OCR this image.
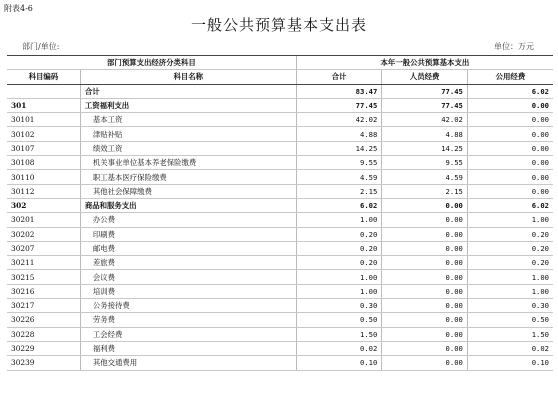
附表4-6
一般公共预算基本支出表
部门/单位:	单位：万元
部门预算支出经济分类科目		本年一般公共预算基本支出		
科目编码	科目名称	合计	人员经费	公用经费
	合计	83.47	77.45	6.02
301	工资福利支出	77.45	77.45	0.00
30101	基本工资	42.02	42.02	0.00
30102	津贴补贴	4.88	4.88	0.00
30107	绩效工资	14.25	14.25	0.00
30108	机关事业单位基本养老保险缴费	9.55	9.55	0.00
30110	职工基本医疗保险缴费	4.59	4.59	0.00
30112	其他社会保障缴费	2.15	2.15	0.00
302	商品和服务支出	6.02	0.00	6.02
30201	办公费	1.00	0.00	1.00
30202	印刷费	0.20	0.00	0.20
30207	邮电费	0.20	0.00	0.20
30211	差旅费	0.20	0.00	0.20
30215	会议费	1.00	0.00	1.00
30216	培训费	1.00	0.00	1.00
30217	公务接待费	0.30	0.00	0.30
30226	劳务费	0.50	0.00	0.50
30228	工会经费	1.50	0.00	1.50
30229	福利费	0.02	0.00	0.02
30239	其他交通费用	0.10	0.00	0.10
